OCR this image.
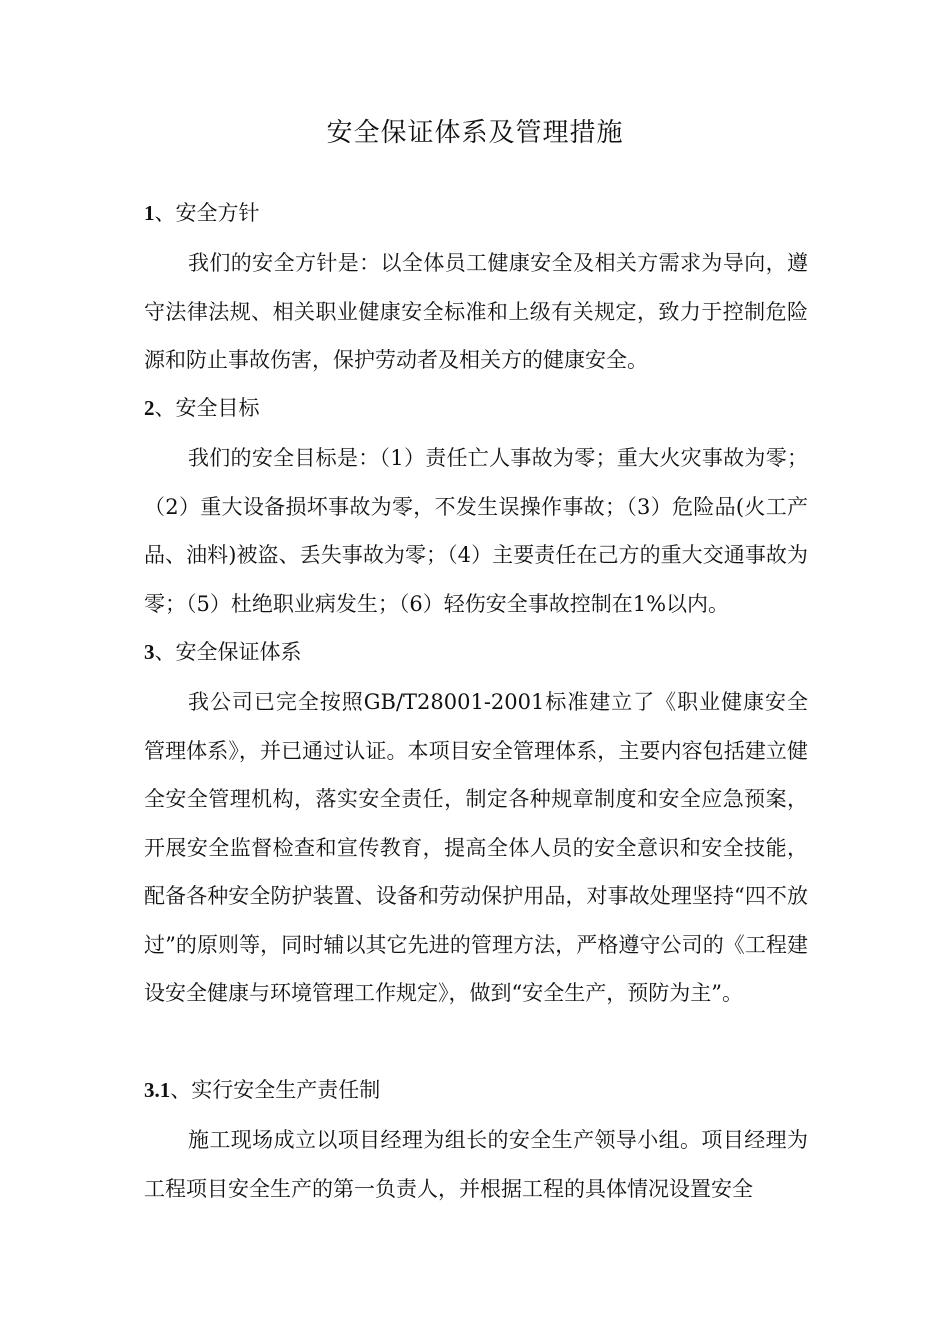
安全保证体系及管理措施
1、安全方针

我们的安全方针是：以全体员工健康安全及相关方需求为导向，遵守法律法规、相关职业健康安全标准和上级有关规定，致力于控制危险源和防止事故伤害，保护劳动者及相关方的健康安全。

2、安全目标

我们的安全目标是：（1）责任亡人事故为零；重大火灾事故为零；（2）重大设备损坏事故为零，不发生误操作事故；（3）危险品(火工产品、油料)被盗、丢失事故为零；（4）主要责任在己方的重大交通事故为零；（5）杜绝职业病发生；（6）轻伤安全事故控制在1%以内。

3、安全保证体系

我公司已完全按照GB/T28001-2001标准建立了《职业健康安全管理体系》，并已通过认证。本项目安全管理体系，主要内容包括建立健全安全管理机构，落实安全责任，制定各种规章制度和安全应急预案，开展安全监督检查和宣传教育，提高全体人员的安全意识和安全技能，配备各种安全防护装置、设备和劳动保护用品，对事故处理坚持“四不放过”的原则等，同时辅以其它先进的管理方法，严格遵守公司的《工程建设安全健康与环境管理工作规定》，做到“安全生产，预防为主”。

3.1、实行安全生产责任制

施工现场成立以项目经理为组长的安全生产领导小组。项目经理为工程项目安全生产的第一负责人，并根据工程的具体情况设置安全
